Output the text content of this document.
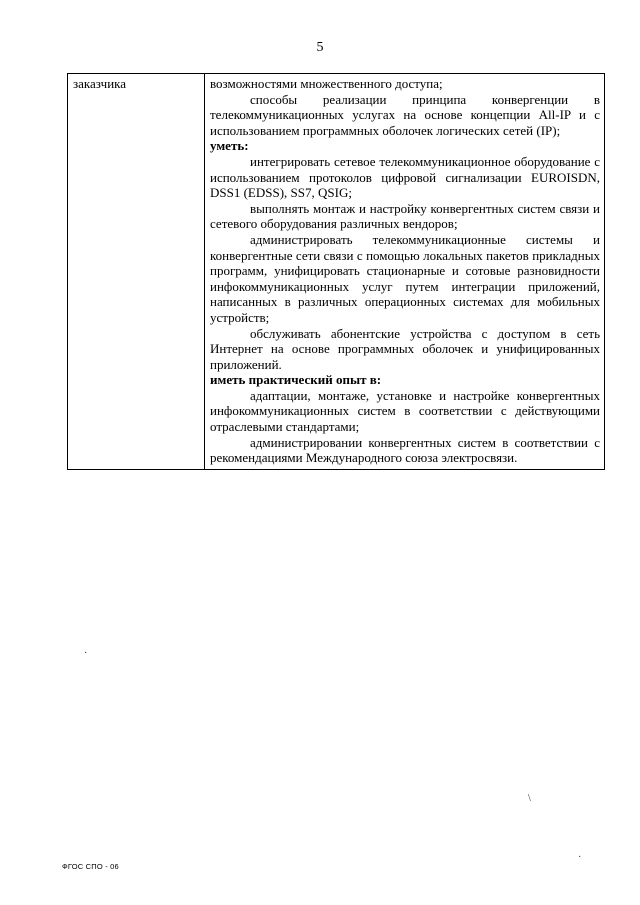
5
заказчика	возможностями множественного доступа;

способы реализации принципа конвергенции в телекоммуникационных услугах на основе концепции All-IP и с использованием программных оболочек логических сетей (IP);

уметь:

интегрировать сетевое телекоммуникационное оборудование с использованием протоколов цифровой сигнализации EUROISDN, DSS1 (EDSS), SS7, QSIG;

выполнять монтаж и настройку конвергентных систем связи и сетевого оборудования различных вендоров;

администрировать телекоммуникационные системы и конвергентные сети связи с помощью локальных пакетов прикладных программ, унифицировать стационарные и сотовые разновидности инфокоммуникационных услуг путем интеграции приложений, написанных в различных операционных системах для мобильных устройств;

обслуживать абонентские устройства с доступом в сеть Интернет на основе программных оболочек и унифицированных приложений.

иметь практический опыт в:

адаптации, монтаже, установке и настройке конвергентных инфокоммуникационных систем в соответствии с действующими отраслевыми стандартами;

администрировании конвергентных систем в соответствии с рекомендациями Международного союза электросвязи.

·
\
·
ФГОС СПО - 06
